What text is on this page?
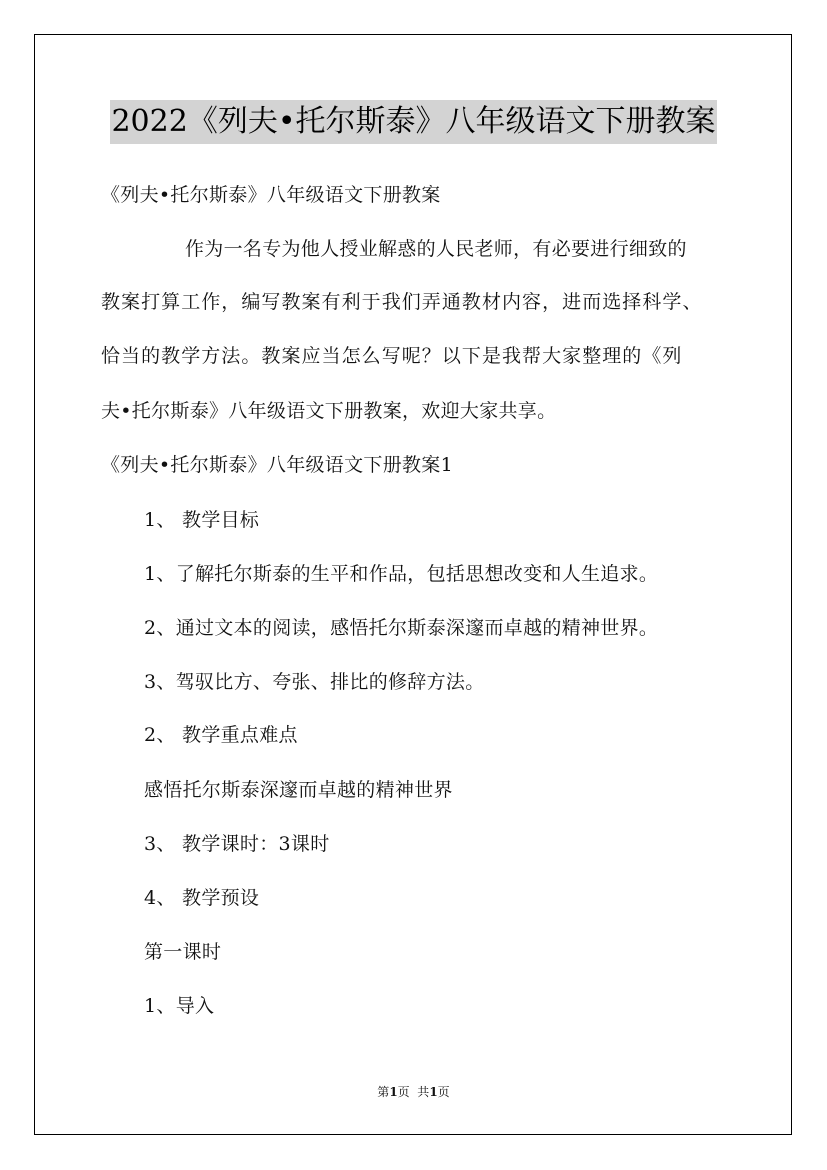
2022《列夫•托尔斯泰》八年级语文下册教案
《列夫•托尔斯泰》八年级语文下册教案
作为一名专为他人授业解惑的人民老师，有必要进行细致的
教案打算工作，编写教案有利于我们弄通教材内容，进而选择科学、
恰当的教学方法。教案应当怎么写呢？以下是我帮大家整理的《列
夫•托尔斯泰》八年级语文下册教案，欢迎大家共享。
《列夫•托尔斯泰》八年级语文下册教案1
1、 教学目标
1、了解托尔斯泰的生平和作品，包括思想改变和人生追求。
2、通过文本的阅读，感悟托尔斯泰深邃而卓越的精神世界。
3、驾驭比方、夸张、排比的修辞方法。
2、 教学重点难点
感悟托尔斯泰深邃而卓越的精神世界
3、 教学课时：3课时
4、 教学预设
第一课时
1、导入
第1页  共1页
